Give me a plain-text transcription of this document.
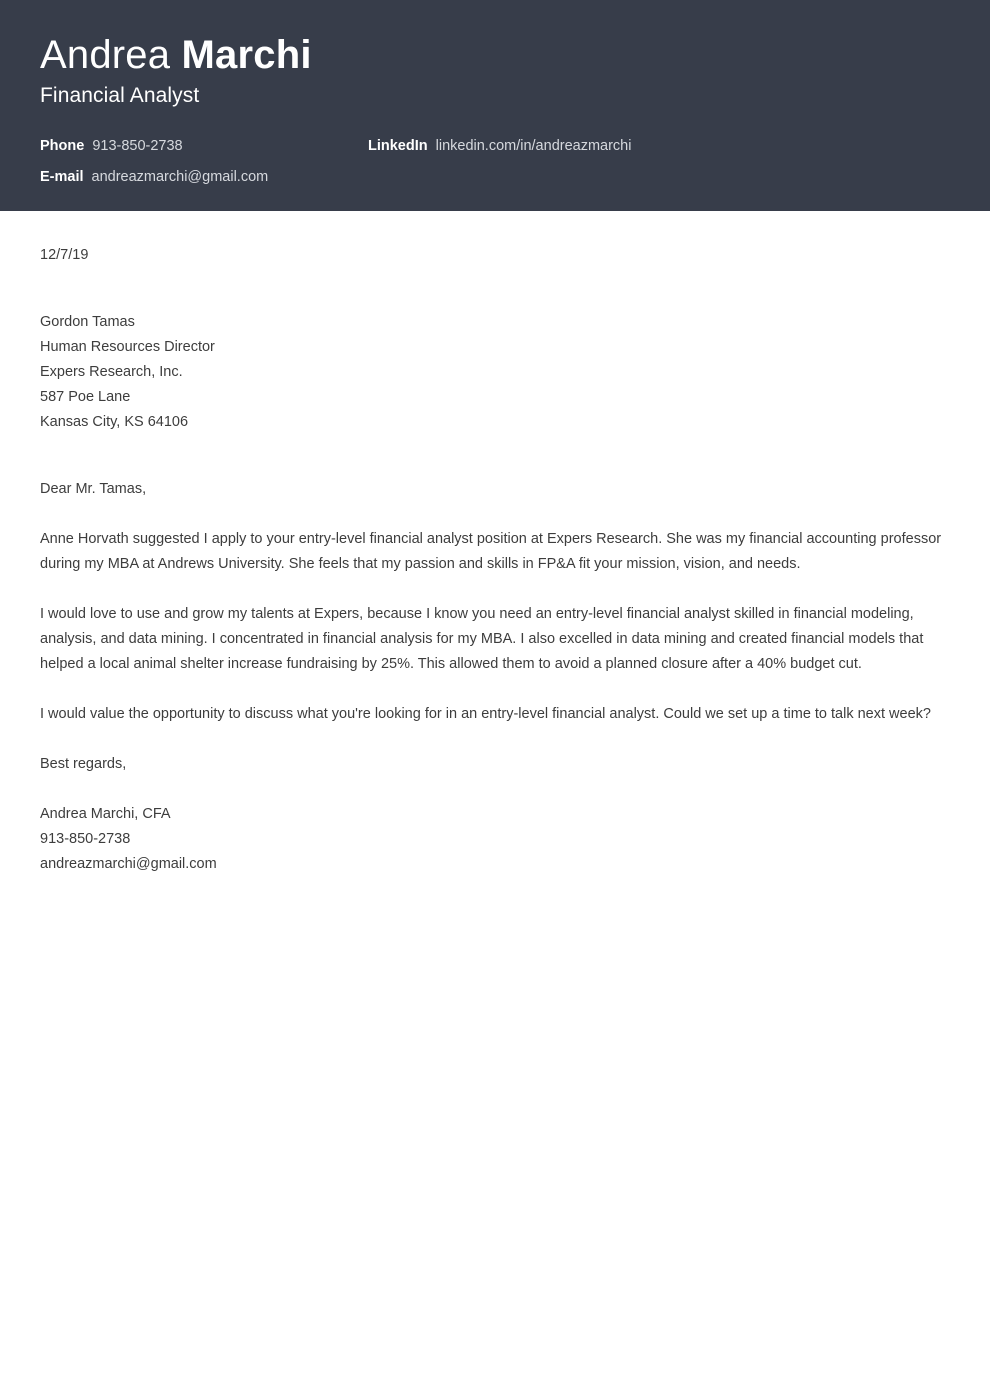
Andrea Marchi
Financial Analyst
Phone 913-850-2738	LinkedIn linkedin.com/in/andreazmarchi
E-mail andreazmarchi@gmail.com
12/7/19

Gordon Tamas

Human Resources Director

Expers Research, Inc.

587 Poe Lane

Kansas City, KS 64106

Dear Mr. Tamas,

Anne Horvath suggested I apply to your entry-level financial analyst position at Expers Research. She was my financial accounting professor during my MBA at Andrews University. She feels that my passion and skills in FP&A fit your mission, vision, and needs.

I would love to use and grow my talents at Expers, because I know you need an entry-level financial analyst skilled in financial modeling, analysis, and data mining. I concentrated in financial analysis for my MBA. I also excelled in data mining and created financial models that helped a local animal shelter increase fundraising by 25%. This allowed them to avoid a planned closure after a 40% budget cut.

I would value the opportunity to discuss what you're looking for in an entry-level financial analyst. Could we set up a time to talk next week?

Best regards,

Andrea Marchi, CFA

913-850-2738

andreazmarchi@gmail.com
